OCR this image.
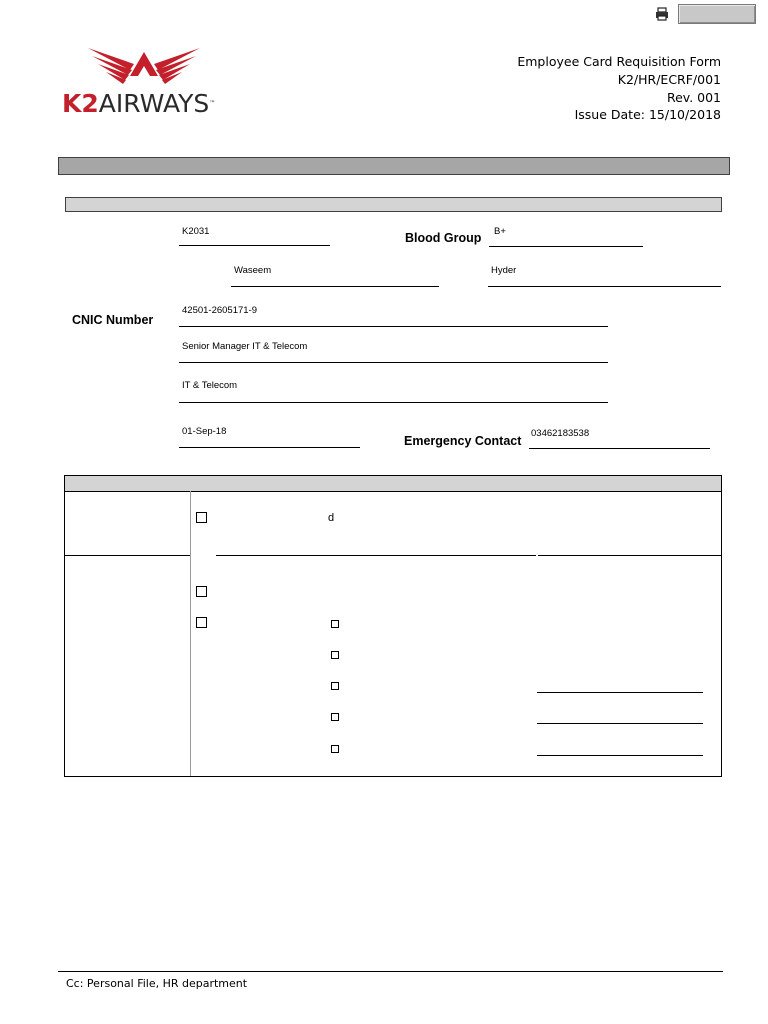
K2AIRWAYS™
Employee Card Requisition Form
K2/HR/ECRF/001
Rev. 001
Issue Date: 15/10/2018
K2031	Blood Group B+
Waseem	Hyder
CNIC Number
42501-2605171-9
Senior Manager IT & Telecom
IT & Telecom
01-Sep-18
Emergency Contact
03462183538
d
Cc: Personal File, HR department
